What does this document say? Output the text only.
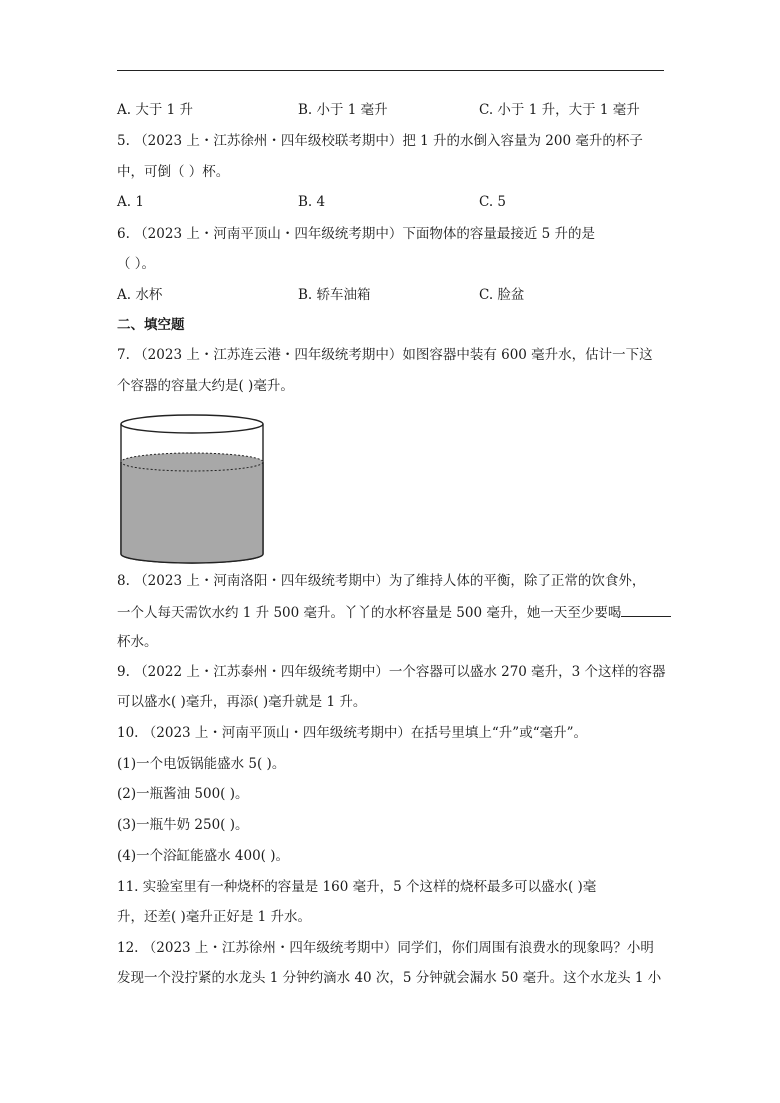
A. 大于 1 升	B. 小于 1 毫升	C. 小于 1 升，大于 1 毫升
5. （2023 上・江苏徐州・四年级校联考期中）把 1 升的水倒入容量为 200 毫升的杯子
中，可倒（ ）杯。
A. 1	B. 4	C. 5
6. （2023 上・河南平顶山・四年级统考期中）下面物体的容量最接近 5 升的是
（ ）。
A. 水杯	B. 轿车油箱	C. 脸盆
二、填空题
7. （2023 上・江苏连云港・四年级统考期中）如图容器中装有 600 毫升水，估计一下这
个容器的容量大约是( )毫升。
8. （2023 上・河南洛阳・四年级统考期中）为了维持人体的平衡，除了正常的饮食外，
一个人每天需饮水约 1 升 500 毫升。丫丫的水杯容量是 500 毫升，她一天至少要喝
杯水。
9. （2022 上・江苏泰州・四年级统考期中）一个容器可以盛水 270 毫升，3 个这样的容器
可以盛水( )毫升，再添( )毫升就是 1 升。
10. （2023 上・河南平顶山・四年级统考期中）在括号里填上“升”或“毫升”。
(1)一个电饭锅能盛水 5( )。
(2)一瓶酱油 500( )。
(3)一瓶牛奶 250( )。
(4)一个浴缸能盛水 400( )。
11. 实验室里有一种烧杯的容量是 160 毫升，5 个这样的烧杯最多可以盛水( )毫
升，还差( )毫升正好是 1 升水。
12. （2023 上・江苏徐州・四年级统考期中）同学们，你们周围有浪费水的现象吗？小明
发现一个没拧紧的水龙头 1 分钟约滴水 40 次，5 分钟就会漏水 50 毫升。这个水龙头 1 小
